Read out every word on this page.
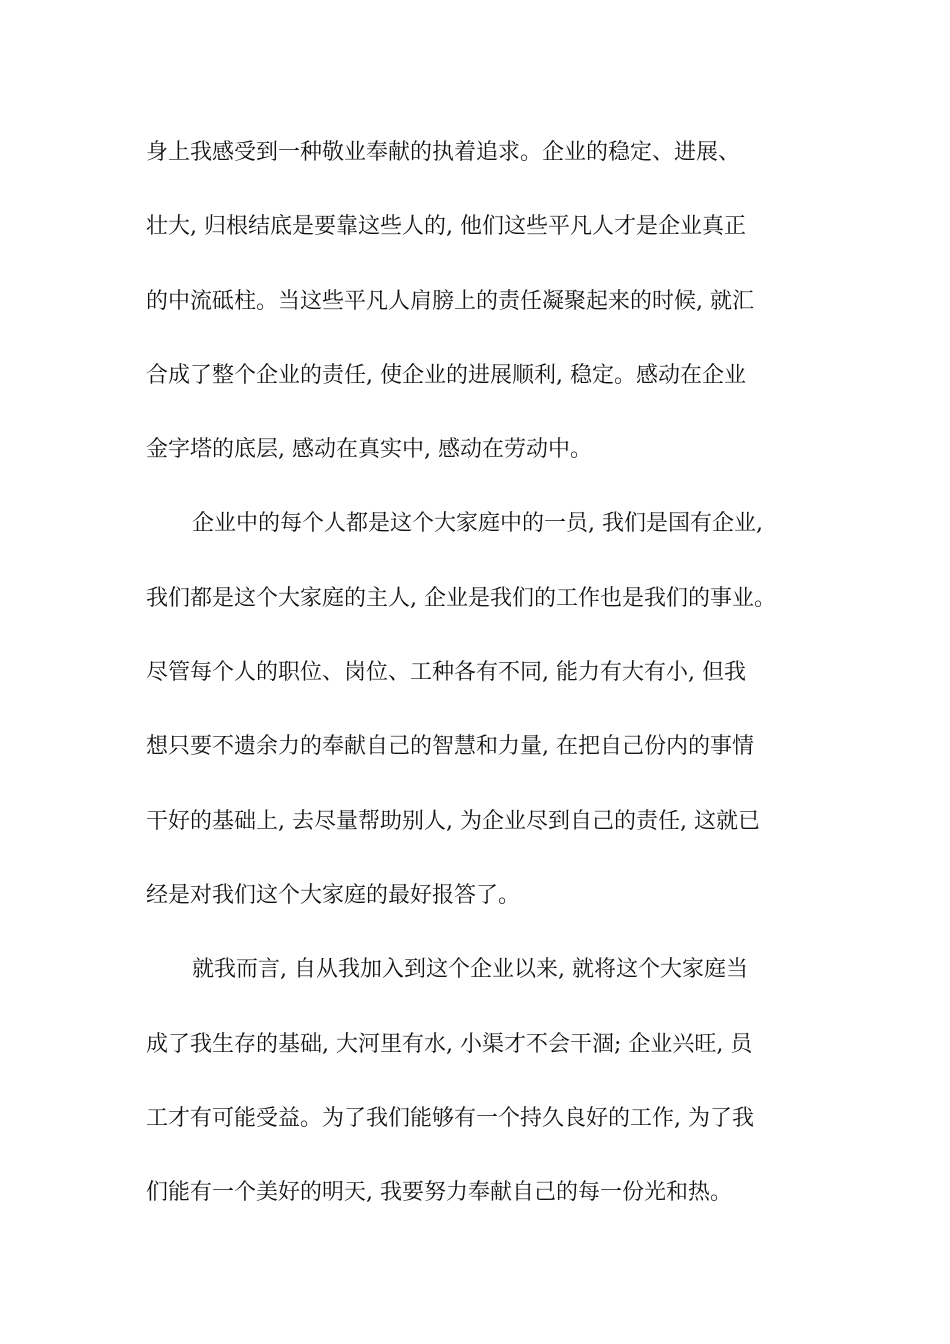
身上我感受到一种敬业奉献的执着追求。企业的稳定、进展、
壮大, 归根结底是要靠这些人的, 他们这些平凡人才是企业真正
的中流砥柱。当这些平凡人肩膀上的责任凝聚起来的时候, 就汇
合成了整个企业的责任, 使企业的进展顺利, 稳定。感动在企业
金字塔的底层, 感动在真实中, 感动在劳动中。
企业中的每个人都是这个大家庭中的一员, 我们是国有企业,
我们都是这个大家庭的主人, 企业是我们的工作也是我们的事业。
尽管每个人的职位、岗位、工种各有不同, 能力有大有小, 但我
想只要不遗余力的奉献自己的智慧和力量, 在把自己份内的事情
干好的基础上, 去尽量帮助别人, 为企业尽到自己的责任, 这就已
经是对我们这个大家庭的最好报答了。
就我而言, 自从我加入到这个企业以来, 就将这个大家庭当
成了我生存的基础, 大河里有水, 小渠才不会干涸; 企业兴旺, 员
工才有可能受益。为了我们能够有一个持久良好的工作, 为了我
们能有一个美好的明天, 我要努力奉献自己的每一份光和热。
